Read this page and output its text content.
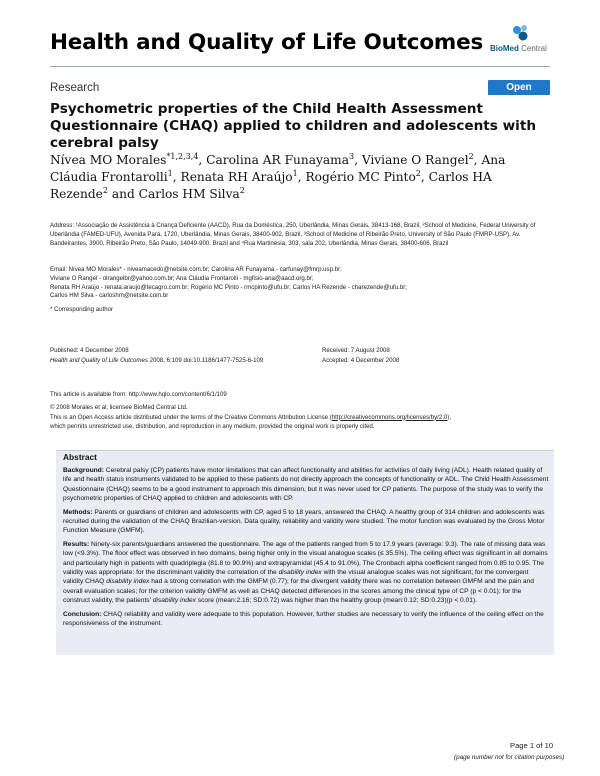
Health and Quality of Life Outcomes BioMed Central
Research	Open Access
Psychometric properties of the Child Health Assessment Questionnaire (CHAQ) applied to children and adolescents with cerebral palsy
Nívea MO Morales$^{*1,2,3,4}$, Carolina AR Funayama$^3$, Viviane O Rangel$^2$, Ana Cláudia Frontarolli$^1$, Renata RH Araújo$^1$, Rogério MC Pinto$^2$, Carlos HA Rezende$^2$ and Carlos HM Silva$^2$
Address: ¹Associação de Assistência à Criança Deficiente (AACD), Rua da Doméstica, 250, Uberlândia, Minas Gerais, 38413-168, Brazil, ²School of Medicine, Federal University of Uberlândia (FAMED-UFU), Avenida Pará, 1720, Uberlândia, Minas Gerais, 38400-902, Brazil, ³School of Medicine of Ribeirão Preto, University of São Paulo (FMRP-USP), Av. Bandeirantes, 3900, Ribeirão Preto, São Paulo, 14049-900, Brazil and ⁴Rua Martinésia, 303, sala 202, Uberlândia, Minas Gerais, 38400-606, Brazil
Email: Nívea MO Morales* - niveamacedo@netsite.com.br; Carolina AR Funayama - carfunay@fmrp.usp.br;
Viviane O Rangel - olrangelbr@yahoo.com.br; Ana Cláudia Frontarolli - mgfisio-ana@aacd.org.br;
Renata RH Araújo - renata.araujo@tecagro.com.br; Rogério MC Pinto - rmcpinto@ufu.br; Carlos HA Rezende - charezende@ufu.br;
Carlos HM Silva - carloshm@netsite.com.br
* Corresponding author
Published: 4 December 2008
Health and Quality of Life Outcomes 2008, 6:109 doi:10.1186/1477-7525-6-109
Received: 7 August 2008
Accepted: 4 December 2008
This article is available from: http://www.hqlo.com/content/6/1/109
© 2008 Morales et al; licensee BioMed Central Ltd.
This is an Open Access article distributed under the terms of the Creative Commons Attribution License (http://creativecommons.org/licenses/by/2.0),
which permits unrestricted use, distribution, and reproduction in any medium, provided the original work is properly cited.
Abstract

Background: Cerebral palsy (CP) patients have motor limitations that can affect functionality and abilities for activities of daily living (ADL). Health related quality of life and health status instruments validated to be applied to these patients do not directly approach the concepts of functionality or ADL. The Child Health Assessment Questionnaire (CHAQ) seems to be a good instrument to approach this dimension, but it was never used for CP patients. The purpose of the study was to verify the psychometric properties of CHAQ applied to children and adolescents with CP.

Methods: Parents or guardians of children and adolescents with CP, aged 5 to 18 years, answered the CHAQ. A healthy group of 314 children and adolescents was recruited during the validation of the CHAQ Brazilian-version. Data quality, reliability and validity were studied. The motor function was evaluated by the Gross Motor Function Measure (GMFM).

Results: Ninety-six parents/guardians answered the questionnaire. The age of the patients ranged from 5 to 17.9 years (average: 9.3). The rate of missing data was low (<9.3%). The floor effect was observed in two domains, being higher only in the visual analogue scales (≤ 35.5%). The ceiling effect was significant in all domains and particularly high in patients with quadriplegia (81.8 to 90.9%) and extrapyramidal (45.4 to 91.0%). The Cronbach alpha coefficient ranged from 0.85 to 0.95. The validity was appropriate: for the discriminant validity the correlation of the disability index with the visual analogue scales was not significant; for the convergent validity CHAQ disability index had a strong correlation with the GMFM (0.77); for the divergent validity there was no correlation between GMFM and the pain and overall evaluation scales; for the criterion validity GMFM as well as CHAQ detected differences in the scores among the clinical type of CP (p < 0.01); for the construct validity, the patients' disability index score (mean:2.16; SD:0.72) was higher than the healthy group (mean:0.12; SD:0.23)(p < 0.01).

Conclusion: CHAQ reliability and validity were adequate to this population. However, further studies are necessary to verify the influence of the ceiling effect on the responsiveness of the instrument.

Page 1 of 10
(page number not for citation purposes)
